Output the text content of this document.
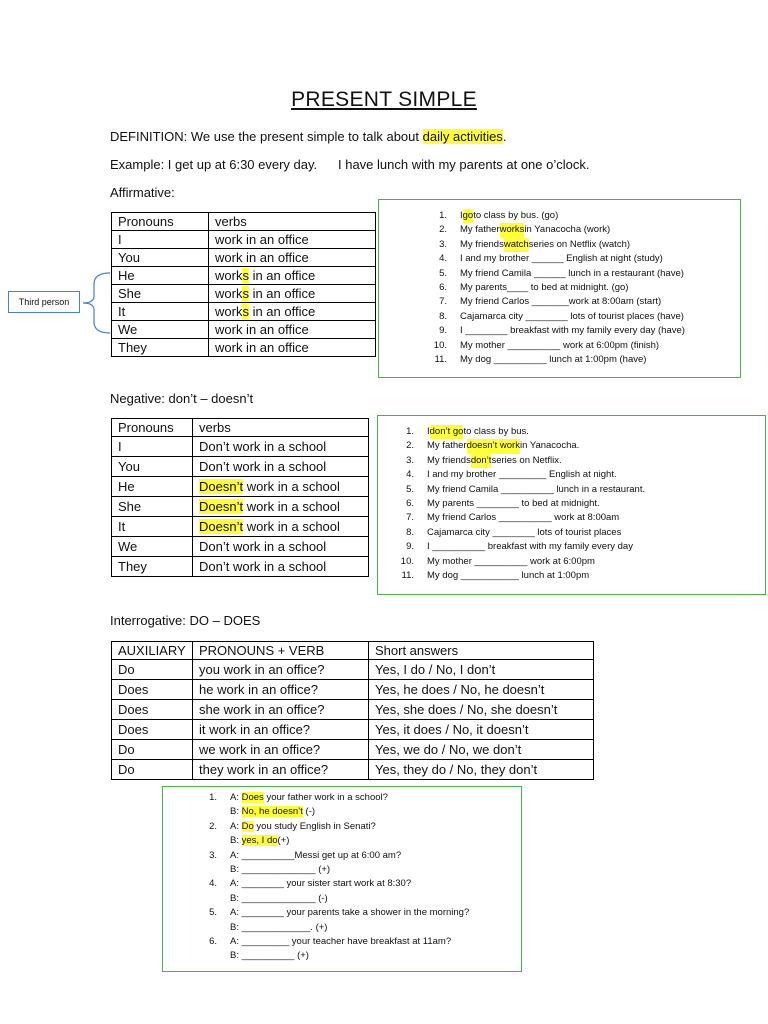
PRESENT SIMPLE
DEFINITION: We use the present simple to talk about daily activities.
Example: I get up at 6:30 every day. I have lunch with my parents at one o’clock.
Affirmative:
Pronouns	verbs
I	work in an office
You	work in an office
He	works in an office
She	works in an office
It	works in an office
We	work in an office
They	work in an office
Third person
1. I go to class by bus. (go)
2. My father works in Yanacocha (work)
3. My friends watch series on Netflix (watch)
4. I and my brother ______ English at night (study)
5. My friend Camila ______ lunch in a restaurant (have)
6. My parents____ to bed at midnight. (go)
7. My friend Carlos _______work at 8:00am (start)
8. Cajamarca city ________ lots of tourist places (have)
9. I ________ breakfast with my family every day (have)
10. My mother __________ work at 6:00pm (finish)
11. My dog __________ lunch at 1:00pm (have)
Negative: don’t – doesn’t
Pronouns	verbs
I	Don’t work in a school
You	Don’t work in a school
He	Doesn’t work in a school
She	Doesn’t work in a school
It	Doesn’t work in a school
We	Don’t work in a school
They	Don’t work in a school
1. I don’t go to class by bus.
2. My father doesn’t work in Yanacocha.
3. My friends don’t series on Netflix.
4. I and my brother _________ English at night.
5. My friend Camila __________ lunch in a restaurant.
6. My parents ________ to bed at midnight.
7. My friend Carlos __________ work at 8:00am
8. Cajamarca city ________ lots of tourist places
9. I __________ breakfast with my family every day
10. My mother __________ work at 6:00pm
11. My dog ___________ lunch at 1:00pm
Interrogative: DO – DOES
AUXILIARY	PRONOUNS + VERB	Short answers
Do	you work in an office?	Yes, I do / No, I don’t
Does	he work in an office?	Yes, he does / No, he doesn’t
Does	she work in an office?	Yes, she does / No, she doesn’t
Does	it work in an office?	Yes, it does / No, it doesn’t
Do	we work in an office?	Yes, we do / No, we don’t
Do	they work in an office?	Yes, they do / No, they don’t
1. A: Does your father work in a school?
B: No, he doesn’t (-)
2. A: Do you study English in Senati?
B: yes, I do(+)
3. A: __________Messi get up at 6:00 am?
B: ______________ (+)
4. A: ________ your sister start work at 8:30?
B: ______________ (-)
5. A: ________ your parents take a shower in the morning?
B: _____________. (+)
6. A: _________ your teacher have breakfast at 11am?
B: __________ (+)
